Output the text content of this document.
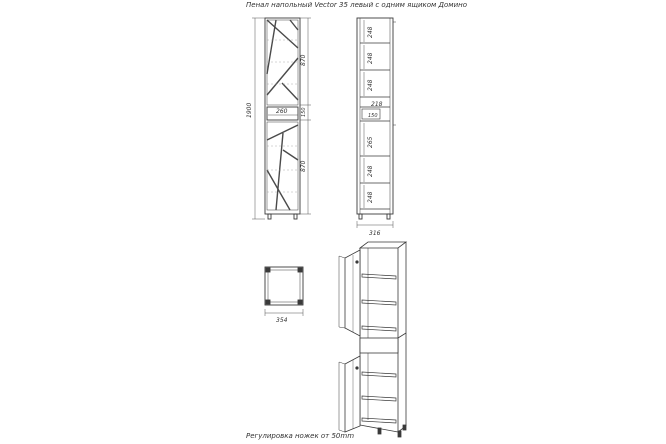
Пенал напольный Vector 35 левый с одним ящиком Домино
Регулировка ножек от 50mm
1900
870
150
870
260
248
248
248
265
248
248
218
150
316
354
